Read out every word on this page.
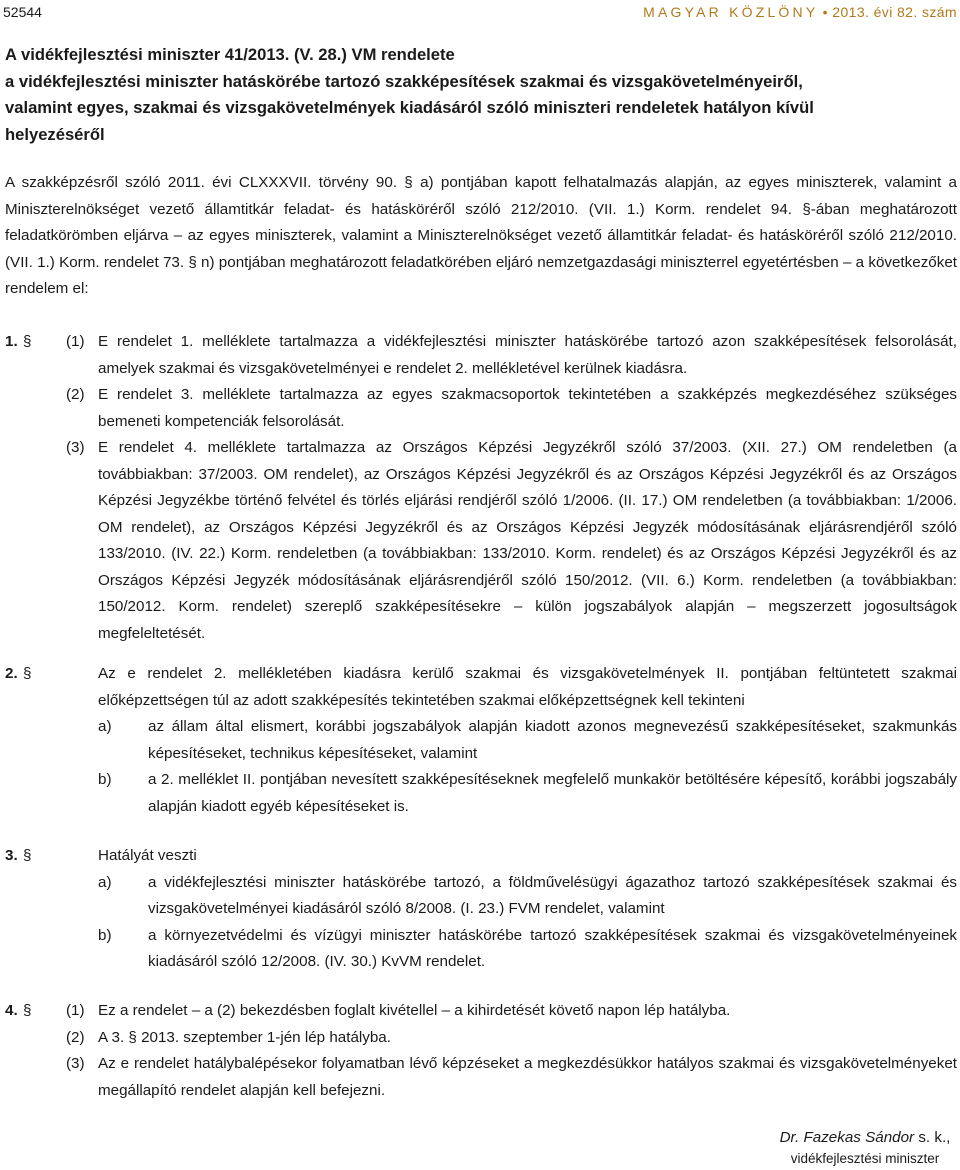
52544	MAGYAR KÖZLÖNY • 2013. évi 82. szám
A vidékfejlesztési miniszter 41/2013. (V. 28.) VM rendelete
a vidékfejlesztési miniszter hatáskörébe tartozó szakképesítések szakmai és vizsgakövetelményeiről,
valamint egyes, szakmai és vizsgakövetelmények kiadásáról szóló miniszteri rendeletek hatályon kívül
helyezéséről
A szakképzésről szóló 2011. évi CLXXXVII. törvény 90. § a) pontjában kapott felhatalmazás alapján, az egyes miniszterek, valamint a Miniszterelnökséget vezető államtitkár feladat- és hatásköréről szóló 212/2010. (VII. 1.) Korm. rendelet 94. §-ában meghatározott feladatkörömben eljárva – az egyes miniszterek, valamint a Miniszterelnökséget vezető államtitkár feladat- és hatásköréről szóló 212/2010. (VII. 1.) Korm. rendelet 73. § n) pontjában meghatározott feladatkörében eljáró nemzetgazdasági miniszterrel egyetértésben – a következőket rendelem el:
1. § (1) E rendelet 1. melléklete tartalmazza a vidékfejlesztési miniszter hatáskörébe tartozó azon szakképesítések felsorolását, amelyek szakmai és vizsgakövetelményei e rendelet 2. mellékletével kerülnek kiadásra.
(2) E rendelet 3. melléklete tartalmazza az egyes szakmacsoportok tekintetében a szakképzés megkezdéséhez szükséges bemeneti kompetenciák felsorolását.
(3) E rendelet 4. melléklete tartalmazza az Országos Képzési Jegyzékről szóló 37/2003. (XII. 27.) OM rendeletben (a továbbiakban: 37/2003. OM rendelet), az Országos Képzési Jegyzékről és az Országos Képzési Jegyzékről és az Országos Képzési Jegyzékbe történő felvétel és törlés eljárási rendjéről szóló 1/2006. (II. 17.) OM rendeletben (a továbbiakban: 1/2006. OM rendelet), az Országos Képzési Jegyzékről és az Országos Képzési Jegyzék módosításának eljárásrendjéről szóló 133/2010. (IV. 22.) Korm. rendeletben (a továbbiakban: 133/2010. Korm. rendelet) és az Országos Képzési Jegyzékről és az Országos Képzési Jegyzék módosításának eljárásrendjéről szóló 150/2012. (VII. 6.) Korm. rendeletben (a továbbiakban: 150/2012. Korm. rendelet) szereplő szakképesítésekre – külön jogszabályok alapján – megszerzett jogosultságok megfeleltetését.
2. §	Az e rendelet 2. mellékletében kiadásra kerülő szakmai és vizsgakövetelmények II. pontjában feltüntetett szakmai előképzettségen túl az adott szakképesítés tekintetében szakmai előképzettségnek kell tekinteni
a) az állam által elismert, korábbi jogszabályok alapján kiadott azonos megnevezésű szakképesítéseket, szakmunkás képesítéseket, technikus képesítéseket, valamint
b) a 2. melléklet II. pontjában nevesített szakképesítéseknek megfelelő munkakör betöltésére képesítő, korábbi jogszabály alapján kiadott egyéb képesítéseket is.
3. §	Hatályát veszti
a) a vidékfejlesztési miniszter hatáskörébe tartozó, a földművelésügyi ágazathoz tartozó szakképesítések szakmai és vizsgakövetelményei kiadásáról szóló 8/2008. (I. 23.) FVM rendelet, valamint
b) a környezetvédelmi és vízügyi miniszter hatáskörébe tartozó szakképesítések szakmai és vizsgakövetelményeinek kiadásáról szóló 12/2008. (IV. 30.) KvVM rendelet.
4. § (1) Ez a rendelet – a (2) bekezdésben foglalt kivétellel – a kihirdetését követő napon lép hatályba.
(2) A 3. § 2013. szeptember 1-jén lép hatályba.
(3) Az e rendelet hatálybalépésekor folyamatban lévő képzéseket a megkezdésükkor hatályos szakmai és vizsgakövetelményeket megállapító rendelet alapján kell befejezni.
Dr. Fazekas Sándor s. k.,
vidékfejlesztési miniszter
